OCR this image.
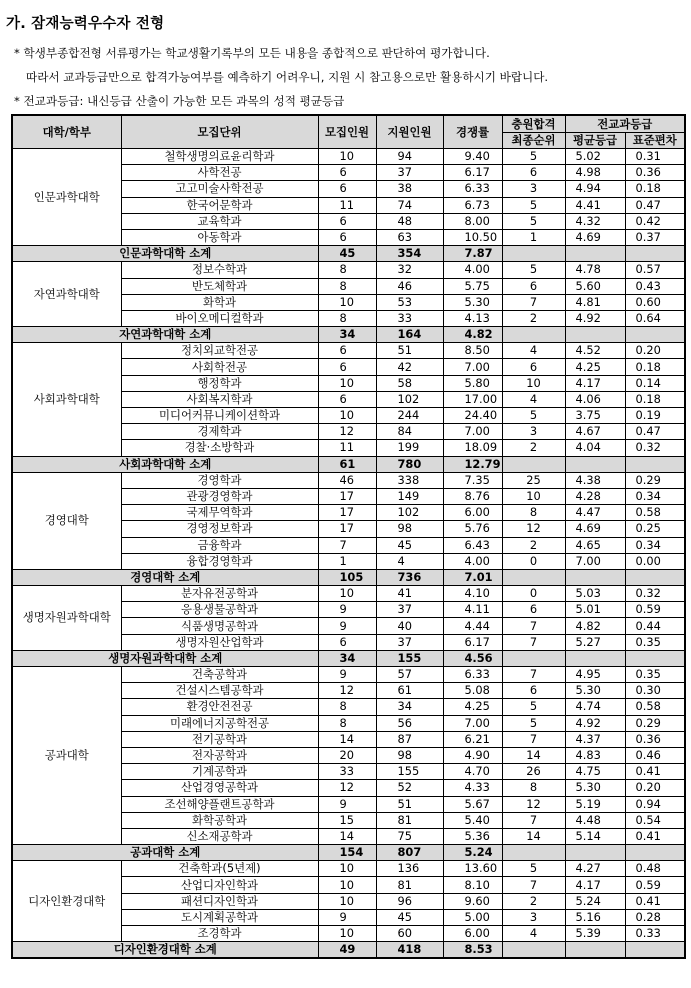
가. 잠재능력우수자 전형
* 학생부종합전형 서류평가는 학교생활기록부의 모든 내용을 종합적으로 판단하여 평가합니다.
따라서 교과등급만으로 합격가능여부를 예측하기 어려우니, 지원 시 참고용으로만 활용하시기 바랍니다.
* 전교과등급: 내신등급 산출이 가능한 모든 과목의 성적 평균등급
대학/학부	모집단위	모집인원	지원인원	경쟁률	충원합격	전교과등급	
					최종순위	평균등급	표준편차
인문과학대학	철학생명의료윤리학과	10	94	9.40	5	5.02	0.31
	사학전공	6	37	6.17	6	4.98	0.36
	고고미술사학전공	6	38	6.33	3	4.94	0.18
	한국어문학과	11	74	6.73	5	4.41	0.47
	교육학과	6	48	8.00	5	4.32	0.42
	아동학과	6	63	10.50	1	4.69	0.37
인문과학대학 소계		45	354	7.87			
자연과학대학	정보수학과	8	32	4.00	5	4.78	0.57
	반도체학과	8	46	5.75	6	5.60	0.43
	화학과	10	53	5.30	7	4.81	0.60
	바이오메디컬학과	8	33	4.13	2	4.92	0.64
자연과학대학 소계		34	164	4.82			
사회과학대학	정치외교학전공	6	51	8.50	4	4.52	0.20
	사회학전공	6	42	7.00	6	4.25	0.18
	행정학과	10	58	5.80	10	4.17	0.14
	사회복지학과	6	102	17.00	4	4.06	0.18
	미디어커뮤니케이션학과	10	244	24.40	5	3.75	0.19
	경제학과	12	84	7.00	3	4.67	0.47
	경찰·소방학과	11	199	18.09	2	4.04	0.32
사회과학대학 소계		61	780	12.79			
경영대학	경영학과	46	338	7.35	25	4.38	0.29
	관광경영학과	17	149	8.76	10	4.28	0.34
	국제무역학과	17	102	6.00	8	4.47	0.58
	경영정보학과	17	98	5.76	12	4.69	0.25
	금융학과	7	45	6.43	2	4.65	0.34
	융합경영학과	1	4	4.00	0	7.00	0.00
경영대학 소계		105	736	7.01			
생명자원과학대학	분자유전공학과	10	41	4.10	0	5.03	0.32
	응용생물공학과	9	37	4.11	6	5.01	0.59
	식품생명공학과	9	40	4.44	7	4.82	0.44
	생명자원산업학과	6	37	6.17	7	5.27	0.35
생명자원과학대학 소계		34	155	4.56			
공과대학	건축공학과	9	57	6.33	7	4.95	0.35
	건설시스템공학과	12	61	5.08	6	5.30	0.30
	환경안전전공	8	34	4.25	5	4.74	0.58
	미래에너지공학전공	8	56	7.00	5	4.92	0.29
	전기공학과	14	87	6.21	7	4.37	0.36
	전자공학과	20	98	4.90	14	4.83	0.46
	기계공학과	33	155	4.70	26	4.75	0.41
	산업경영공학과	12	52	4.33	8	5.30	0.20
	조선해양플랜트공학과	9	51	5.67	12	5.19	0.94
	화학공학과	15	81	5.40	7	4.48	0.54
	신소재공학과	14	75	5.36	14	5.14	0.41
공과대학 소계		154	807	5.24			
디자인환경대학	건축학과(5년제)	10	136	13.60	5	4.27	0.48
	산업디자인학과	10	81	8.10	7	4.17	0.59
	패션디자인학과	10	96	9.60	2	5.24	0.41
	도시계획공학과	9	45	5.00	3	5.16	0.28
	조경학과	10	60	6.00	4	5.39	0.33
디자인환경대학 소계		49	418	8.53			
